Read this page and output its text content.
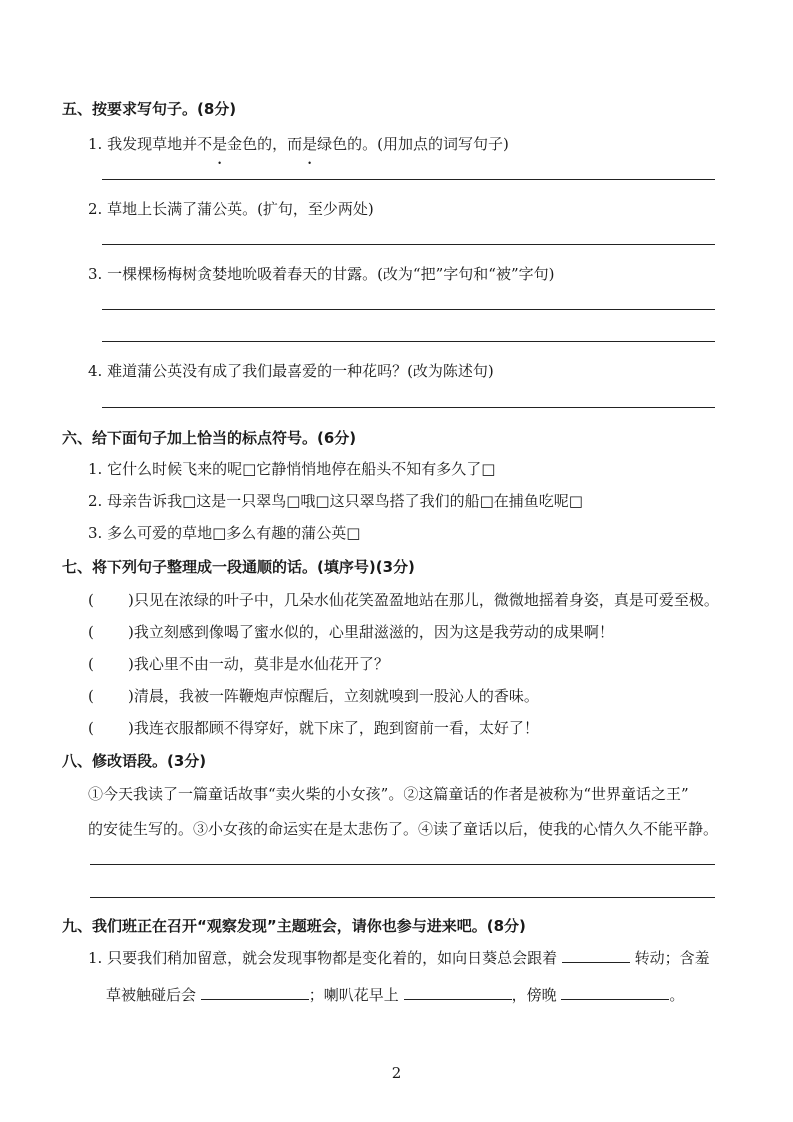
五、按要求写句子。(8分)
1. 我发现草地并不是金色的，而是绿色的。(用加点的词写句子)
2. 草地上长满了蒲公英。(扩句，至少两处)
3. 一棵棵杨梅树贪婪地吮吸着春天的甘露。(改为“把”字句和“被”字句)
4. 难道蒲公英没有成了我们最喜爱的一种花吗？(改为陈述句)
六、给下面句子加上恰当的标点符号。(6分)
1. 它什么时候飞来的呢□它静悄悄地停在船头不知有多久了□
2. 母亲告诉我□这是一只翠鸟□哦□这只翠鸟搭了我们的船□在捕鱼吃呢□
3. 多么可爱的草地□多么有趣的蒲公英□
七、将下列句子整理成一段通顺的话。(填序号)(3分)
( )只见在浓绿的叶子中，几朵水仙花笑盈盈地站在那儿，微微地摇着身姿，真是可爱至极。
( )我立刻感到像喝了蜜水似的，心里甜滋滋的，因为这是我劳动的成果啊！
( )我心里不由一动，莫非是水仙花开了？
( )清晨，我被一阵鞭炮声惊醒后，立刻就嗅到一股沁人的香味。
( )我连衣服都顾不得穿好，就下床了，跑到窗前一看，太好了！
八、修改语段。(3分)
①今天我读了一篇童话故事“卖火柴的小女孩”。②这篇童话的作者是被称为“世界童话之王”
的安徒生写的。③小女孩的命运实在是太悲伤了。④读了童话以后，使我的心情久久不能平静。
九、我们班正在召开“观察发现”主题班会，请你也参与进来吧。(8分)
1. 只要我们稍加留意，就会发现事物都是变化着的，如向日葵总会跟着	转动；含羞
草被触碰后会	；喇叭花早上	，傍晚	。
2
